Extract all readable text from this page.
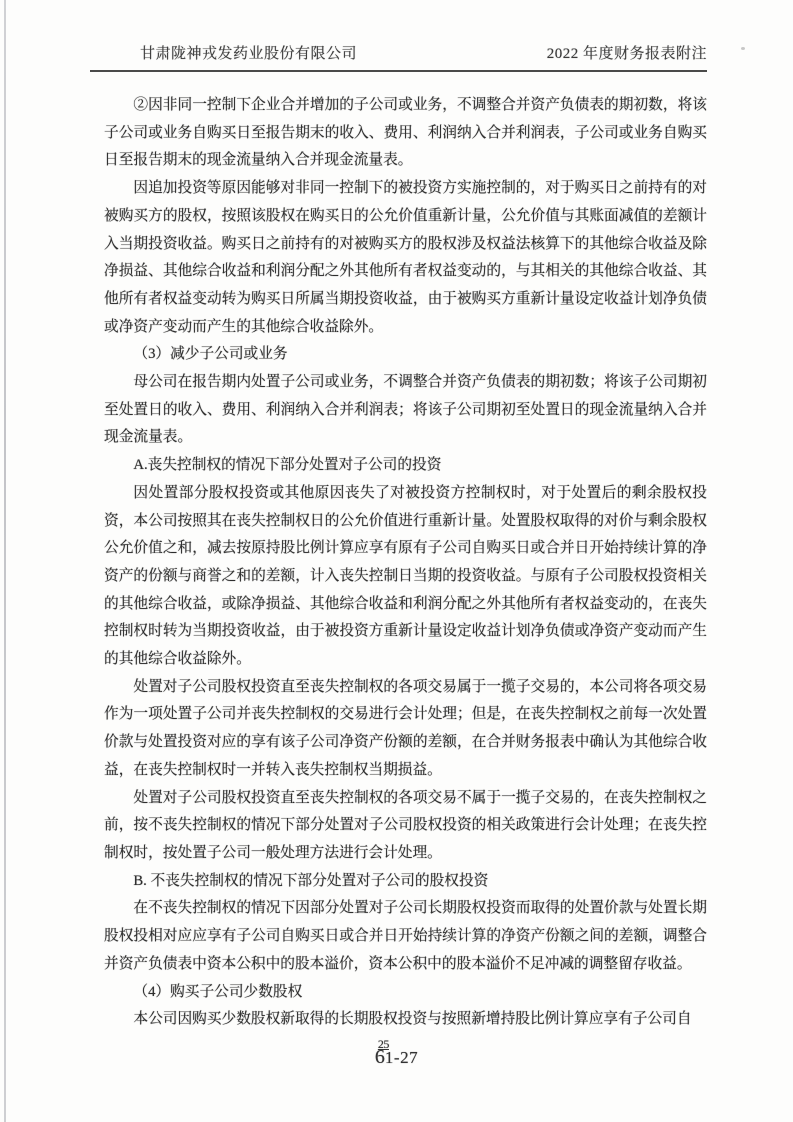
甘肃陇神戎发药业股份有限公司	2022 年度财务报表附注

②因非同一控制下企业合并增加的子公司或业务，不调整合并资产负债表的期初数，将该子公司或业务自购买日至报告期末的收入、费用、利润纳入合并利润表，子公司或业务自购买日至报告期末的现金流量纳入合并现金流量表。

因追加投资等原因能够对非同一控制下的被投资方实施控制的，对于购买日之前持有的对被购买方的股权，按照该股权在购买日的公允价值重新计量，公允价值与其账面减值的差额计入当期投资收益。购买日之前持有的对被购买方的股权涉及权益法核算下的其他综合收益及除净损益、其他综合收益和利润分配之外其他所有者权益变动的，与其相关的其他综合收益、其他所有者权益变动转为购买日所属当期投资收益，由于被购买方重新计量设定收益计划净负债或净资产变动而产生的其他综合收益除外。

（3）减少子公司或业务

母公司在报告期内处置子公司或业务，不调整合并资产负债表的期初数；将该子公司期初至处置日的收入、费用、利润纳入合并利润表；将该子公司期初至处置日的现金流量纳入合并现金流量表。

A.丧失控制权的情况下部分处置对子公司的投资

因处置部分股权投资或其他原因丧失了对被投资方控制权时，对于处置后的剩余股权投资，本公司按照其在丧失控制权日的公允价值进行重新计量。处置股权取得的对价与剩余股权公允价值之和，减去按原持股比例计算应享有原有子公司自购买日或合并日开始持续计算的净资产的份额与商誉之和的差额，计入丧失控制日当期的投资收益。与原有子公司股权投资相关的其他综合收益，或除净损益、其他综合收益和利润分配之外其他所有者权益变动的，在丧失控制权时转为当期投资收益，由于被投资方重新计量设定收益计划净负债或净资产变动而产生的其他综合收益除外。

处置对子公司股权投资直至丧失控制权的各项交易属于一揽子交易的，本公司将各项交易作为一项处置子公司并丧失控制权的交易进行会计处理；但是，在丧失控制权之前每一次处置价款与处置投资对应的享有该子公司净资产份额的差额，在合并财务报表中确认为其他综合收益，在丧失控制权时一并转入丧失控制权当期损益。

处置对子公司股权投资直至丧失控制权的各项交易不属于一揽子交易的，在丧失控制权之前，按不丧失控制权的情况下部分处置对子公司股权投资的相关政策进行会计处理；在丧失控制权时，按处置子公司一般处理方法进行会计处理。

B. 不丧失控制权的情况下部分处置对子公司的股权投资

在不丧失控制权的情况下因部分处置对子公司长期股权投资而取得的处置价款与处置长期股权投相对应应享有子公司自购买日或合并日开始持续计算的净资产份额之间的差额，调整合并资产负债表中资本公积中的股本溢价，资本公积中的股本溢价不足冲减的调整留存收益。

（4）购买子公司少数股权

本公司因购买少数股权新取得的长期股权投资与按照新增持股比例计算应享有子公司自

25
61-27
